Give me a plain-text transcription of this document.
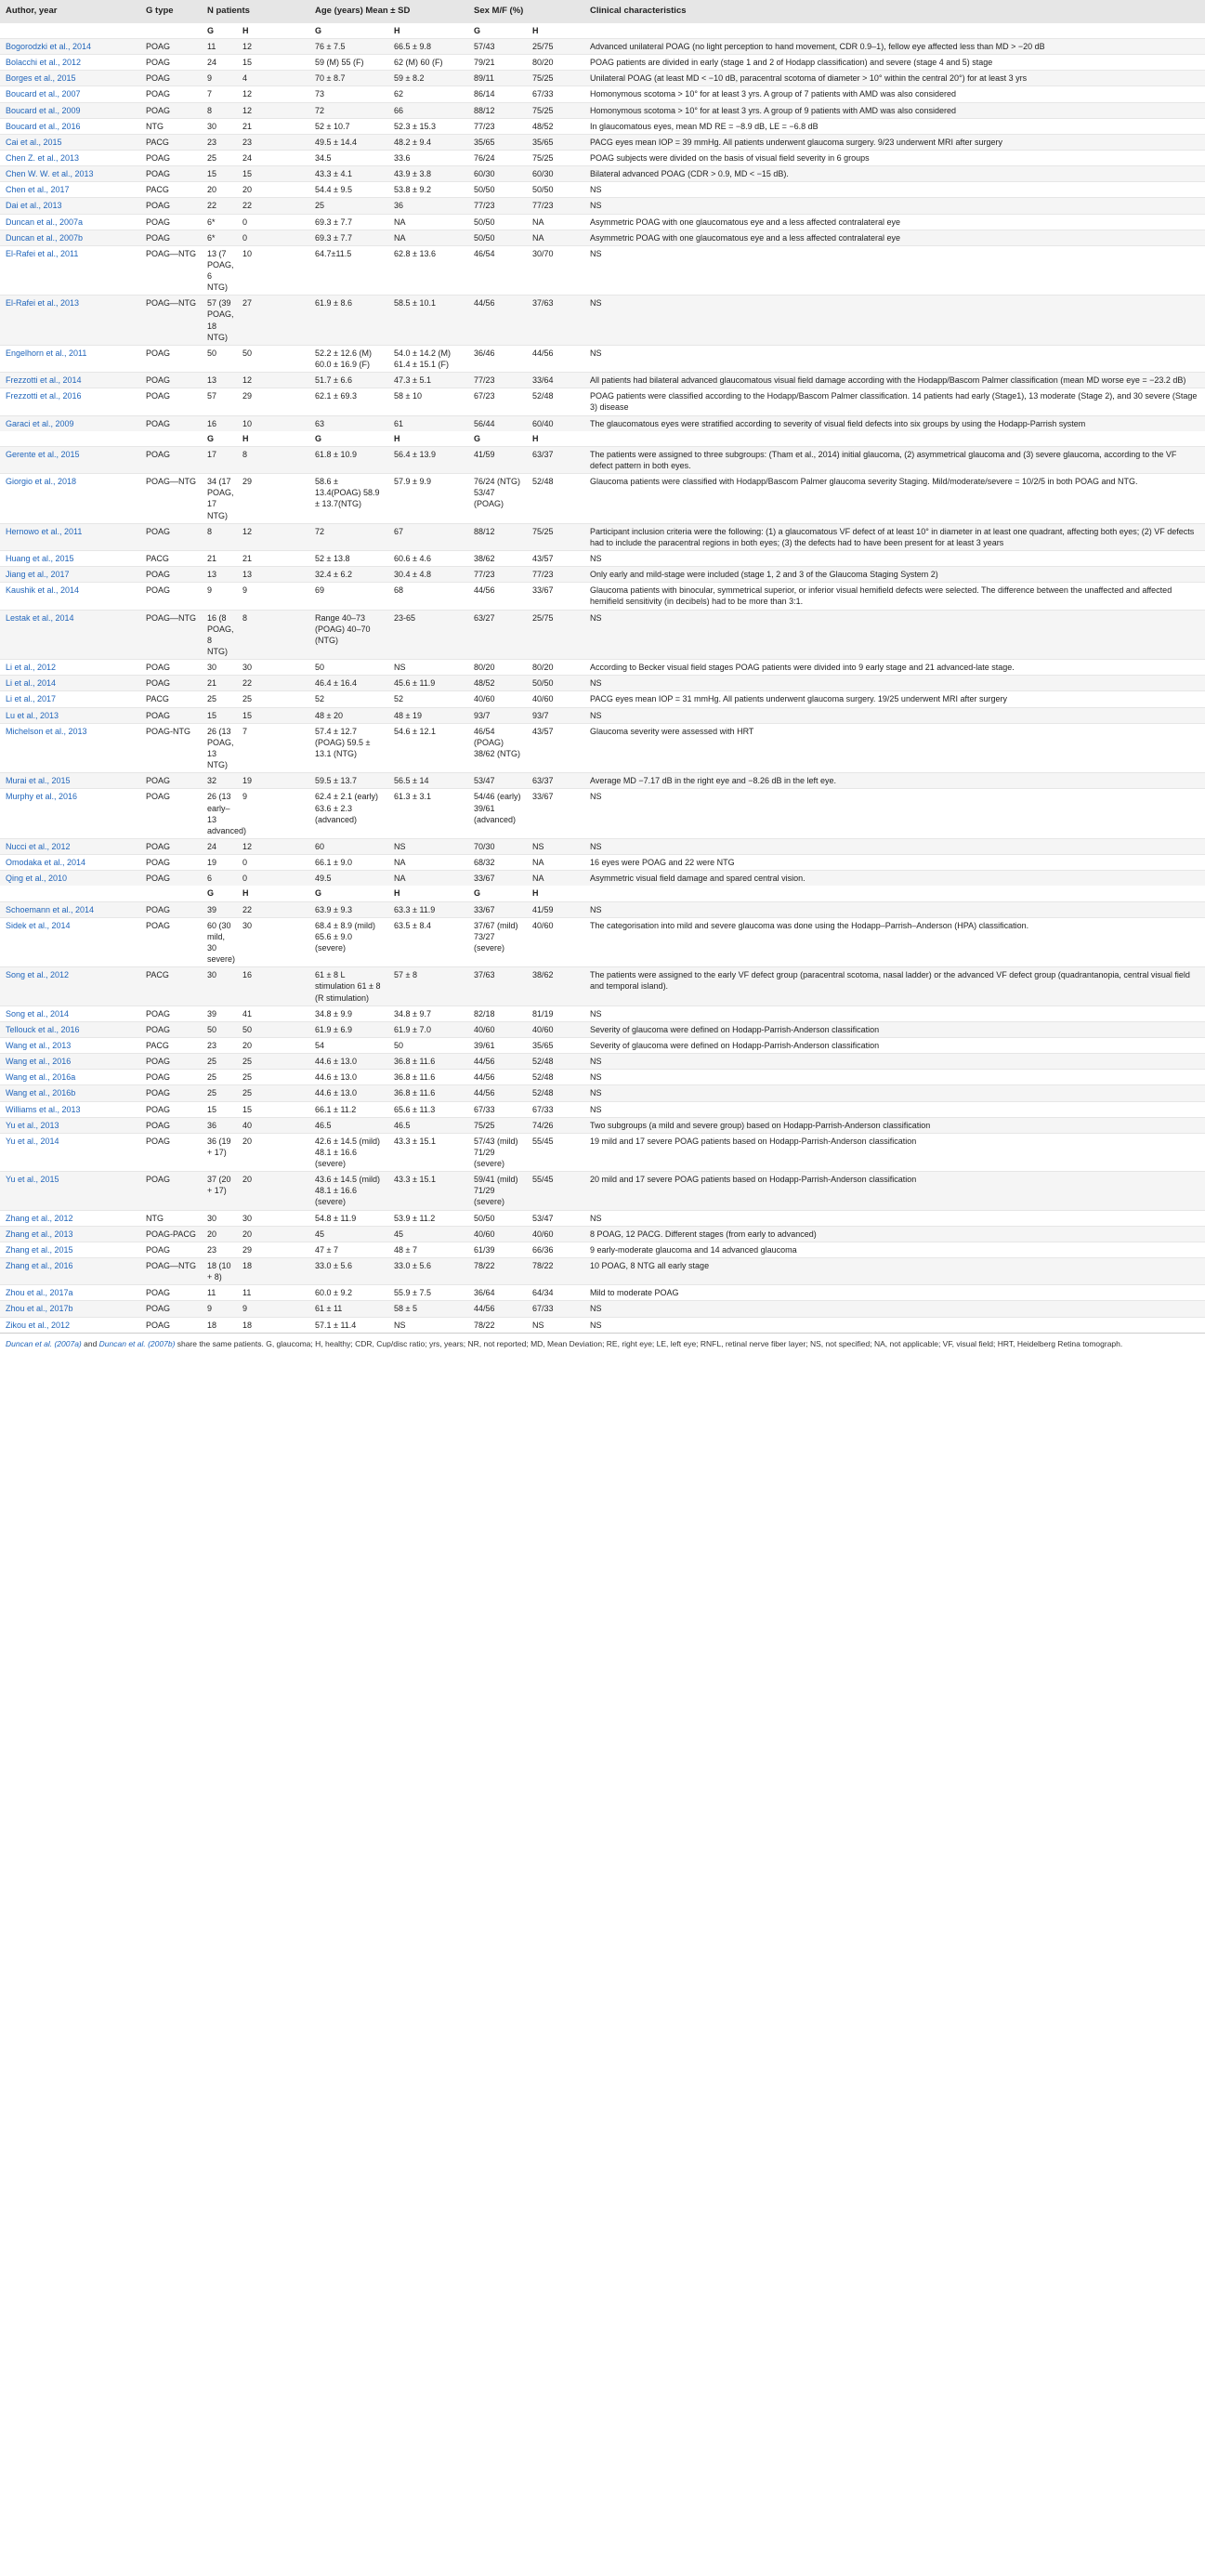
Author, year	G type	N patients		Age (years) Mean ± SD		Sex M/F (%)		Clinical characteristics
		G	H	G	H	G	H	
Bogorodzki et al., 2014	POAG	11	12	76 ± 7.5	66.5 ± 9.8	57/43	25/75	Advanced unilateral POAG (no light perception to hand movement, CDR 0.9–1), fellow eye affected less than MD > −20 dB
Bolacchi et al., 2012	POAG	24	15	59 (M) 55 (F)	62 (M) 60 (F)	79/21	80/20	POAG patients are divided in early (stage 1 and 2 of Hodapp classification) and severe (stage 4 and 5) stage
Borges et al., 2015	POAG	9	4	70 ± 8.7	59 ± 8.2	89/11	75/25	Unilateral POAG (at least MD < −10 dB, paracentral scotoma of diameter > 10° within the central 20°) for at least 3 yrs
Boucard et al., 2007	POAG	7	12	73	62	86/14	67/33	Homonymous scotoma > 10° for at least 3 yrs. A group of 7 patients with AMD was also considered
Boucard et al., 2009	POAG	8	12	72	66	88/12	75/25	Homonymous scotoma > 10° for at least 3 yrs. A group of 9 patients with AMD was also considered
Boucard et al., 2016	NTG	30	21	52 ± 10.7	52.3 ± 15.3	77/23	48/52	In glaucomatous eyes, mean MD RE = −8.9 dB, LE = −6.8 dB
Cai et al., 2015	PACG	23	23	49.5 ± 14.4	48.2 ± 9.4	35/65	35/65	PACG eyes mean IOP = 39 mmHg. All patients underwent glaucoma surgery. 9/23 underwent MRI after surgery
Chen Z. et al., 2013	POAG	25	24	34.5	33.6	76/24	75/25	POAG subjects were divided on the basis of visual field severity in 6 groups
Chen W. W. et al., 2013	POAG	15	15	43.3 ± 4.1	43.9 ± 3.8	60/30	60/30	Bilateral advanced POAG (CDR > 0.9, MD < −15 dB).
Chen et al., 2017	PACG	20	20	54.4 ± 9.5	53.8 ± 9.2	50/50	50/50	NS
Dai et al., 2013	POAG	22	22	25	36	77/23	77/23	NS
Duncan et al., 2007a	POAG	6*	0	69.3 ± 7.7	NA	50/50	NA	Asymmetric POAG with one glaucomatous eye and a less affected contralateral eye
Duncan et al., 2007b	POAG	6*	0	69.3 ± 7.7	NA	50/50	NA	Asymmetric POAG with one glaucomatous eye and a less affected contralateral eye
El-Rafei et al., 2011	POAG—NTG	13 (7 POAG, 6 NTG)	10	64.7±11.5	62.8 ± 13.6	46/54	30/70	NS
El-Rafei et al., 2013	POAG—NTG	57 (39 POAG, 18 NTG)	27	61.9 ± 8.6	58.5 ± 10.1	44/56	37/63	NS
Engelhorn et al., 2011	POAG	50	50	52.2 ± 12.6 (M) 60.0 ± 16.9 (F)	54.0 ± 14.2 (M) 61.4 ± 15.1 (F)	36/46	44/56	NS
Frezzotti et al., 2014	POAG	13	12	51.7 ± 6.6	47.3 ± 5.1	77/23	33/64	All patients had bilateral advanced glaucomatous visual field damage according with the Hodapp/Bascom Palmer classification (mean MD worse eye = −23.2 dB)
Frezzotti et al., 2016	POAG	57	29	62.1 ± 69.3	58 ± 10	67/23	52/48	POAG patients were classified according to the Hodapp/Bascom Palmer classification. 14 patients had early (Stage1), 13 moderate (Stage 2), and 30 severe (Stage 3) disease
Garaci et al., 2009	POAG	16	10	63	61	56/44	60/40	The glaucomatous eyes were stratified according to severity of visual field defects into six groups by using the Hodapp-Parrish system
		G	H	G	H	G	H	
Gerente et al., 2015	POAG	17	8	61.8 ± 10.9	56.4 ± 13.9	41/59	63/37	The patients were assigned to three subgroups: (Tham et al., 2014) initial glaucoma, (2) asymmetrical glaucoma and (3) severe glaucoma, according to the VF defect pattern in both eyes.
Giorgio et al., 2018	POAG—NTG	34 (17 POAG, 17 NTG)	29	58.6 ± 13.4(POAG) 58.9 ± 13.7(NTG)	57.9 ± 9.9	76/24 (NTG) 53/47 (POAG)	52/48	Glaucoma patients were classified with Hodapp/Bascom Palmer glaucoma severity Staging. Mild/moderate/severe = 10/2/5 in both POAG and NTG.
Hernowo et al., 2011	POAG	8	12	72	67	88/12	75/25	Participant inclusion criteria were the following: (1) a glaucomatous VF defect of at least 10° in diameter in at least one quadrant, affecting both eyes; (2) VF defects had to include the paracentral regions in both eyes; (3) the defects had to have been present for at least 3 years
Huang et al., 2015	PACG	21	21	52 ± 13.8	60.6 ± 4.6	38/62	43/57	NS
Jiang et al., 2017	POAG	13	13	32.4 ± 6.2	30.4 ± 4.8	77/23	77/23	Only early and mild-stage were included (stage 1, 2 and 3 of the Glaucoma Staging System 2)
Kaushik et al., 2014	POAG	9	9	69	68	44/56	33/67	Glaucoma patients with binocular, symmetrical superior, or inferior visual hemifield defects were selected. The difference between the unaffected and affected hemifield sensitivity (in decibels) had to be more than 3:1.
Lestak et al., 2014	POAG—NTG	16 (8 POAG, 8 NTG)	8	Range 40–73 (POAG) 40–70 (NTG)	23-65	63/27	25/75	NS
Li et al., 2012	POAG	30	30	50	NS	80/20	80/20	According to Becker visual field stages POAG patients were divided into 9 early stage and 21 advanced-late stage.
Li et al., 2014	POAG	21	22	46.4 ± 16.4	45.6 ± 11.9	48/52	50/50	NS
Li et al., 2017	PACG	25	25	52	52	40/60	40/60	PACG eyes mean IOP = 31 mmHg. All patients underwent glaucoma surgery. 19/25 underwent MRI after surgery
Lu et al., 2013	POAG	15	15	48 ± 20	48 ± 19	93/7	93/7	NS
Michelson et al., 2013	POAG-NTG	26 (13 POAG, 13 NTG)	7	57.4 ± 12.7 (POAG) 59.5 ± 13.1 (NTG)	54.6 ± 12.1	46/54 (POAG) 38/62 (NTG)	43/57	Glaucoma severity were assessed with HRT
Murai et al., 2015	POAG	32	19	59.5 ± 13.7	56.5 ± 14	53/47	63/37	Average MD −7.17 dB in the right eye and −8.26 dB in the left eye.
Murphy et al., 2016	POAG	26 (13 early–13 advanced)	9	62.4 ± 2.1 (early) 63.6 ± 2.3 (advanced)	61.3 ± 3.1	54/46 (early) 39/61 (advanced)	33/67	NS
Nucci et al., 2012	POAG	24	12	60	NS	70/30	NS	NS
Omodaka et al., 2014	POAG	19	0	66.1 ± 9.0	NA	68/32	NA	16 eyes were POAG and 22 were NTG
Qing et al., 2010	POAG	6	0	49.5	NA	33/67	NA	Asymmetric visual field damage and spared central vision.
		G	H	G	H	G	H	
Schoemann et al., 2014	POAG	39	22	63.9 ± 9.3	63.3 ± 11.9	33/67	41/59	NS
Sidek et al., 2014	POAG	60 (30 mild, 30 severe)	30	68.4 ± 8.9 (mild) 65.6 ± 9.0 (severe)	63.5 ± 8.4	37/67 (mild) 73/27 (severe)	40/60	The categorisation into mild and severe glaucoma was done using the Hodapp–Parrish–Anderson (HPA) classification.
Song et al., 2012	PACG	30	16	61 ± 8 L stimulation 61 ± 8 (R stimulation)	57 ± 8	37/63	38/62	The patients were assigned to the early VF defect group (paracentral scotoma, nasal ladder) or the advanced VF defect group (quadrantanopia, central visual field and temporal island).
Song et al., 2014	POAG	39	41	34.8 ± 9.9	34.8 ± 9.7	82/18	81/19	NS
Tellouck et al., 2016	POAG	50	50	61.9 ± 6.9	61.9 ± 7.0	40/60	40/60	Severity of glaucoma were defined on Hodapp-Parrish-Anderson classification
Wang et al., 2013	PACG	23	20	54	50	39/61	35/65	Severity of glaucoma were defined on Hodapp-Parrish-Anderson classification
Wang et al., 2016	POAG	25	25	44.6 ± 13.0	36.8 ± 11.6	44/56	52/48	NS
Wang et al., 2016a	POAG	25	25	44.6 ± 13.0	36.8 ± 11.6	44/56	52/48	NS
Wang et al., 2016b	POAG	25	25	44.6 ± 13.0	36.8 ± 11.6	44/56	52/48	NS
Williams et al., 2013	POAG	15	15	66.1 ± 11.2	65.6 ± 11.3	67/33	67/33	NS
Yu et al., 2013	POAG	36	40	46.5	46.5	75/25	74/26	Two subgroups (a mild and severe group) based on Hodapp-Parrish-Anderson classification
Yu et al., 2014	POAG	36 (19 + 17)	20	42.6 ± 14.5 (mild) 48.1 ± 16.6 (severe)	43.3 ± 15.1	57/43 (mild) 71/29 (severe)	55/45	19 mild and 17 severe POAG patients based on Hodapp-Parrish-Anderson classification
Yu et al., 2015	POAG	37 (20 + 17)	20	43.6 ± 14.5 (mild) 48.1 ± 16.6 (severe)	43.3 ± 15.1	59/41 (mild) 71/29 (severe)	55/45	20 mild and 17 severe POAG patients based on Hodapp-Parrish-Anderson classification
Zhang et al., 2012	NTG	30	30	54.8 ± 11.9	53.9 ± 11.2	50/50	53/47	NS
Zhang et al., 2013	POAG-PACG	20	20	45	45	40/60	40/60	8 POAG, 12 PACG. Different stages (from early to advanced)
Zhang et al., 2015	POAG	23	29	47 ± 7	48 ± 7	61/39	66/36	9 early-moderate glaucoma and 14 advanced glaucoma
Zhang et al., 2016	POAG—NTG	18 (10 + 8)	18	33.0 ± 5.6	33.0 ± 5.6	78/22	78/22	10 POAG, 8 NTG all early stage
Zhou et al., 2017a	POAG	11	11	60.0 ± 9.2	55.9 ± 7.5	36/64	64/34	Mild to moderate POAG
Zhou et al., 2017b	POAG	9	9	61 ± 11	58 ± 5	44/56	67/33	NS
Zikou et al., 2012	POAG	18	18	57.1 ± 11.4	NS	78/22	NS	NS
Duncan et al. (2007a) and Duncan et al. (2007b) share the same patients. G, glaucoma; H, healthy; CDR, Cup/disc ratio; yrs, years; NR, not reported; MD, Mean Deviation; RE, right eye; LE, left eye; RNFL, retinal nerve fiber layer; NS, not specified; NA, not applicable; VF, visual field; HRT, Heidelberg Retina tomograph.
